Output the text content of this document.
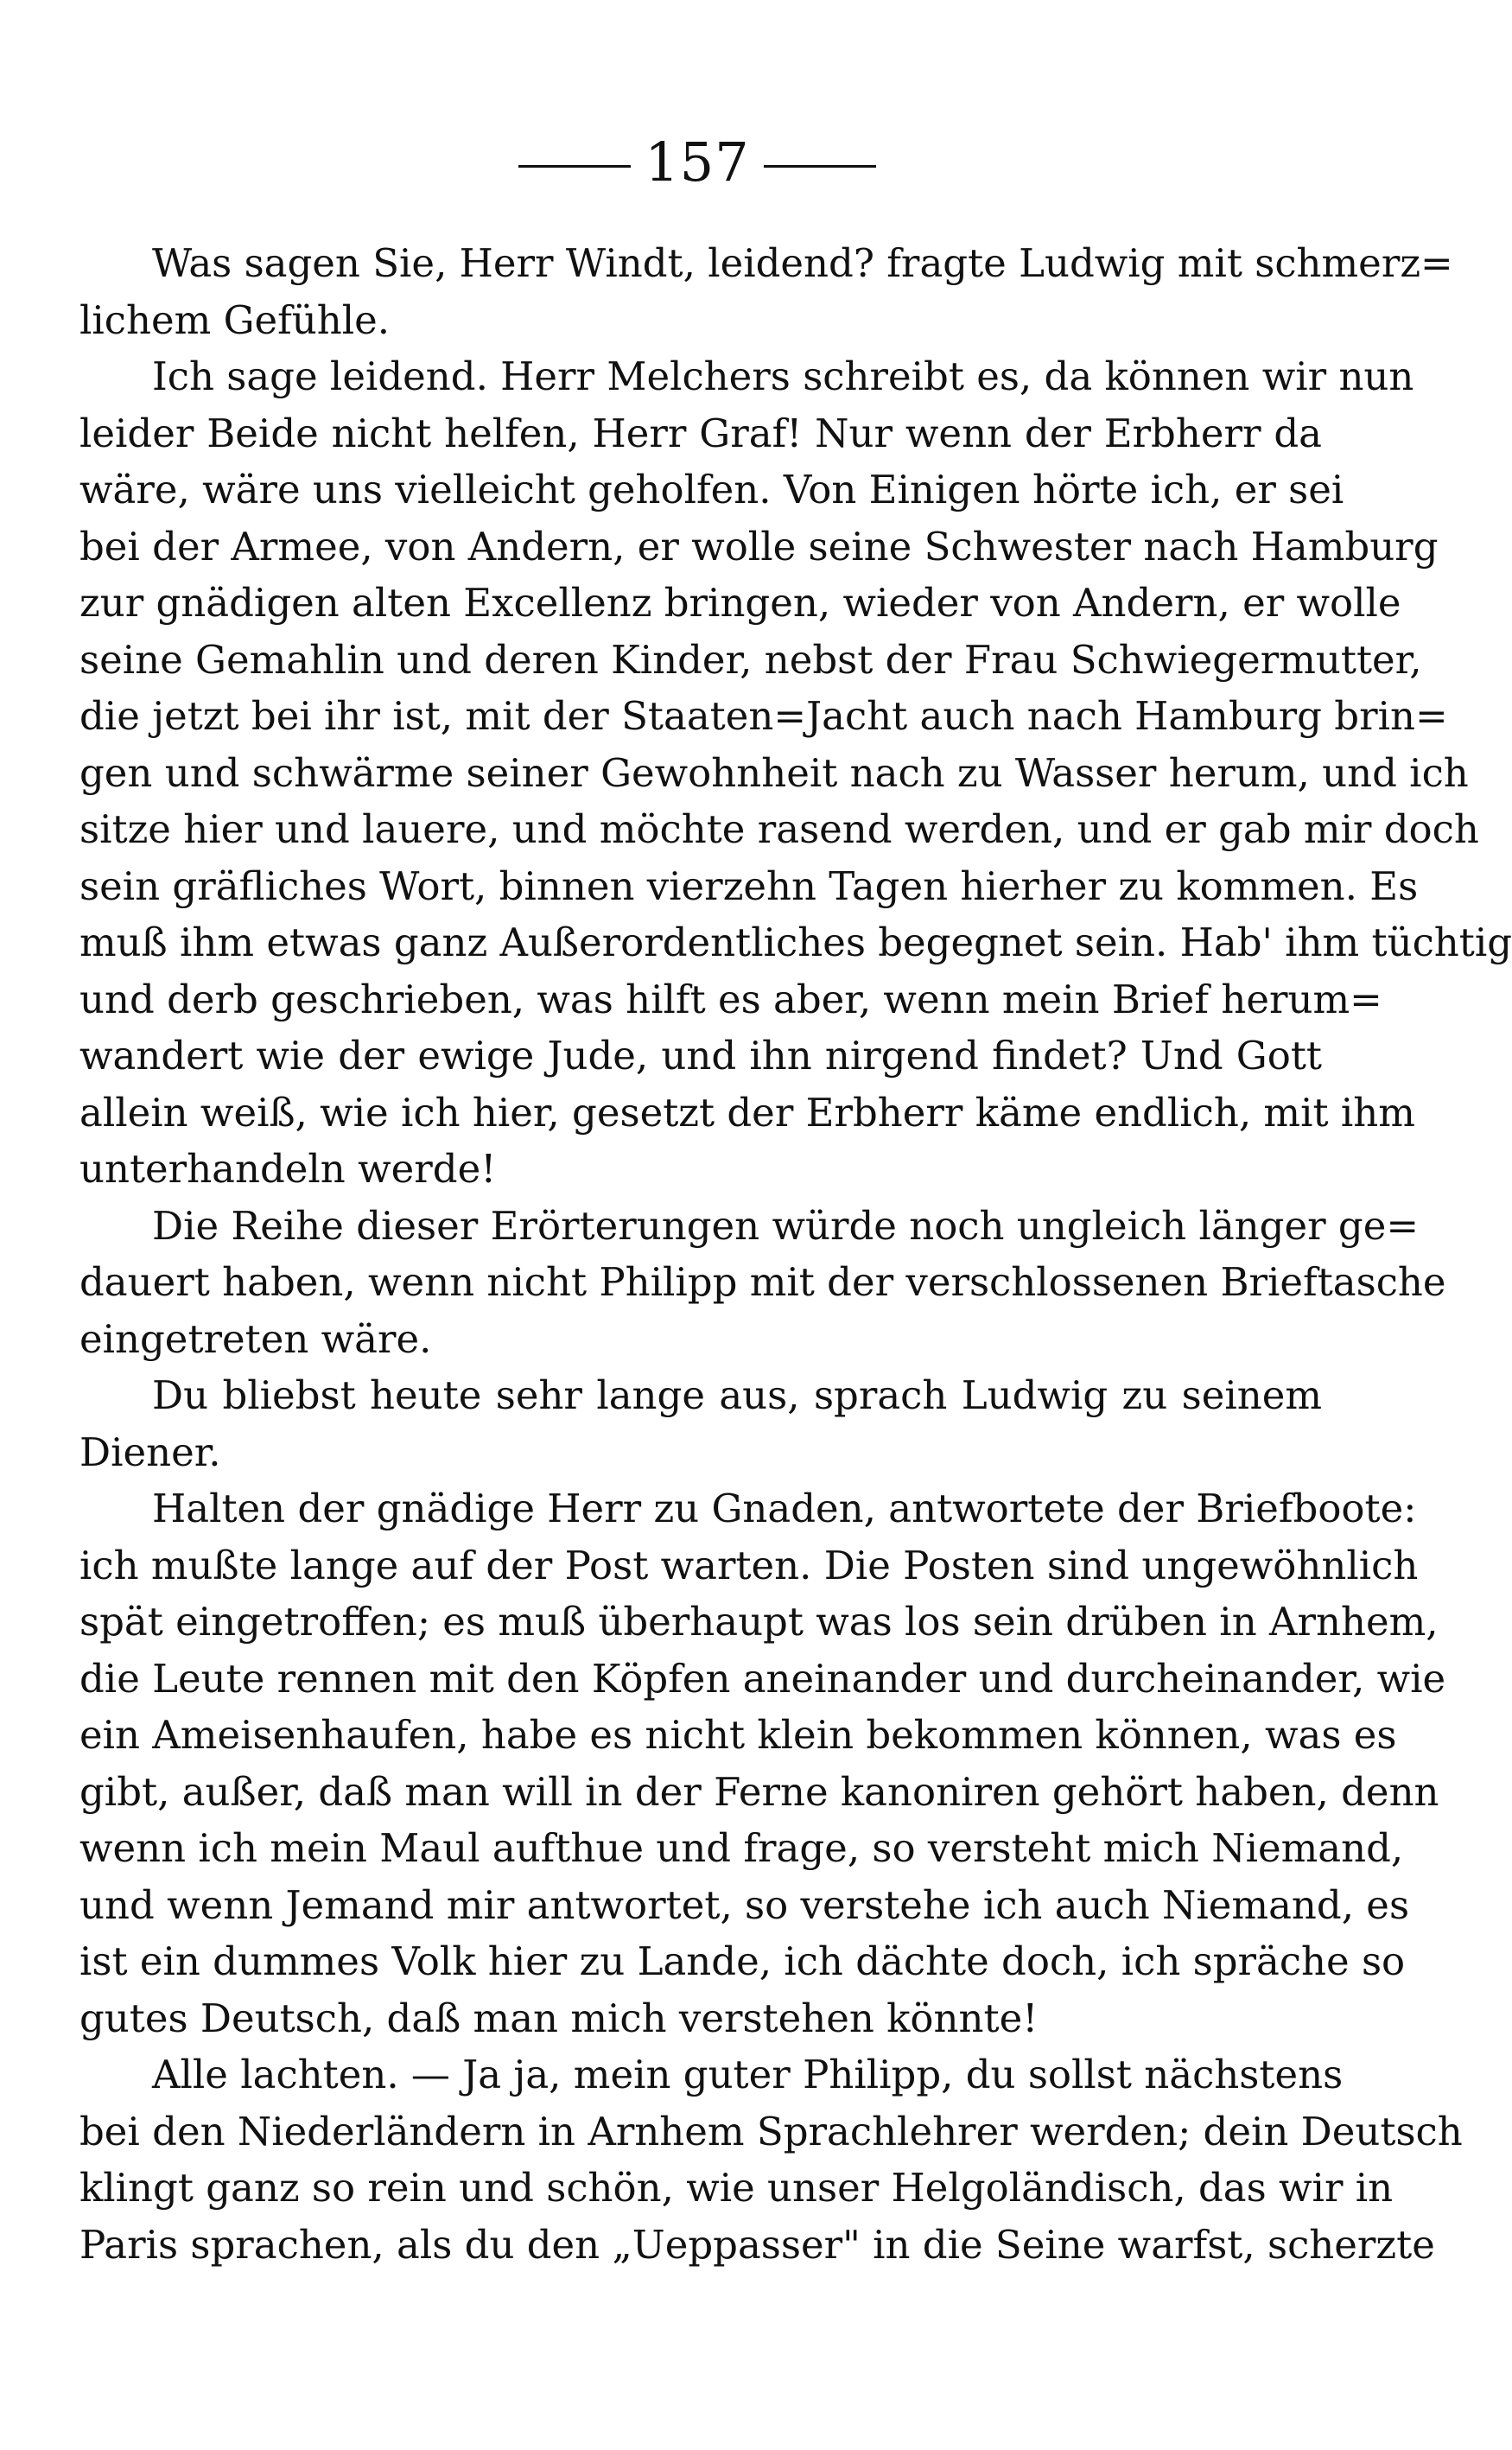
157
Was sagen Sie, Herr Windt, leidend? fragte Ludwig mit schmerz=
lichem Gefühle.
Ich sage leidend. Herr Melchers schreibt es, da können wir nun
leider Beide nicht helfen, Herr Graf! Nur wenn der Erbherr da
wäre, wäre uns vielleicht geholfen. Von Einigen hörte ich, er sei
bei der Armee, von Andern, er wolle seine Schwester nach Hamburg
zur gnädigen alten Excellenz bringen, wieder von Andern, er wolle
seine Gemahlin und deren Kinder, nebst der Frau Schwiegermutter,
die jetzt bei ihr ist, mit der Staaten=Jacht auch nach Hamburg brin=
gen und schwärme seiner Gewohnheit nach zu Wasser herum, und ich
sitze hier und lauere, und möchte rasend werden, und er gab mir doch
sein gräfliches Wort, binnen vierzehn Tagen hierher zu kommen. Es
muß ihm etwas ganz Außerordentliches begegnet sein. Hab' ihm tüchtig
und derb geschrieben, was hilft es aber, wenn mein Brief herum=
wandert wie der ewige Jude, und ihn nirgend findet? Und Gott
allein weiß, wie ich hier, gesetzt der Erbherr käme endlich, mit ihm
unterhandeln werde!
Die Reihe dieser Erörterungen würde noch ungleich länger ge=
dauert haben, wenn nicht Philipp mit der verschlossenen Brieftasche
eingetreten wäre.
Du bliebst heute sehr lange aus, sprach Ludwig zu seinem
Diener.
Halten der gnädige Herr zu Gnaden, antwortete der Briefboote:
ich mußte lange auf der Post warten. Die Posten sind ungewöhnlich
spät eingetroffen; es muß überhaupt was los sein drüben in Arnhem,
die Leute rennen mit den Köpfen aneinander und durcheinander, wie
ein Ameisenhaufen, habe es nicht klein bekommen können, was es
gibt, außer, daß man will in der Ferne kanoniren gehört haben, denn
wenn ich mein Maul aufthue und frage, so versteht mich Niemand,
und wenn Jemand mir antwortet, so verstehe ich auch Niemand, es
ist ein dummes Volk hier zu Lande, ich dächte doch, ich spräche so
gutes Deutsch, daß man mich verstehen könnte!
Alle lachten. — Ja ja, mein guter Philipp, du sollst nächstens
bei den Niederländern in Arnhem Sprachlehrer werden; dein Deutsch
klingt ganz so rein und schön, wie unser Helgoländisch, das wir in
Paris sprachen, als du den „Ueppasser" in die Seine warfst, scherzte
